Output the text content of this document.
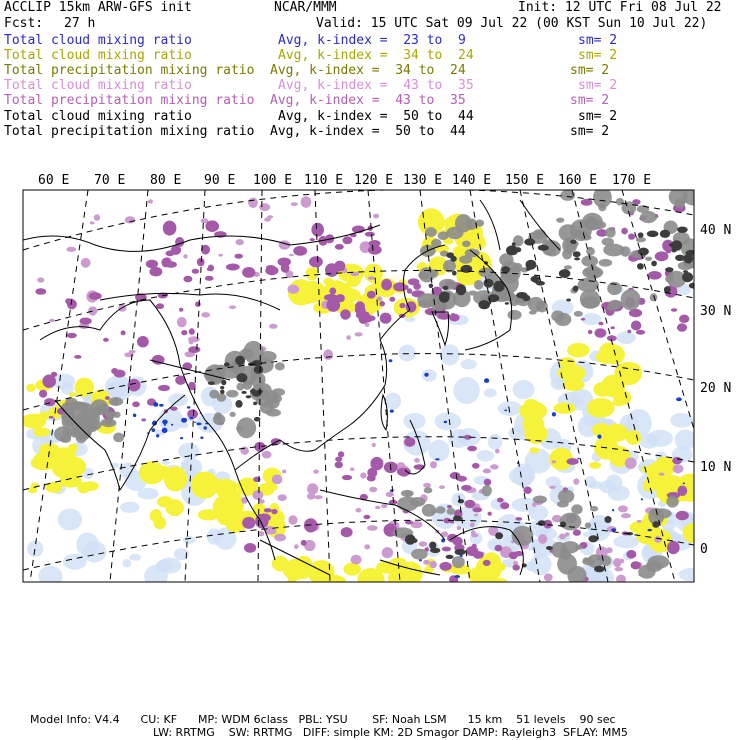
ACCLIP 15km ARW-GFS init	NCAR/MMM	Init: 12 UTC Fri 08 Jul 22
Fcst: 27 h	Valid: 15 UTC Sat 09 Jul 22 (00 KST Sun 10 Jul 22)
Total cloud mixing ratio	Avg, k-index =  23 to  9	sm= 2
Total cloud mixing ratio	Avg, k-index =  34 to  24	sm= 2
Total precipitation mixing ratio Avg, k-index =  34 to  24	sm= 2
Total cloud mixing ratio	Avg, k-index =  43 to  35	sm= 2
Total precipitation mixing ratio Avg, k-index =  43 to  35	sm= 2
Total cloud mixing ratio	Avg, k-index =  50 to  44	sm= 2
Total precipitation mixing ratio Avg, k-index =  50 to  44	sm= 2
60 E 70 E 80 E 90 E 100 E 110 E 120 E 130 E 140 E 150 E 160 E 170 E
40 N
30 N
20 N
10 N
0
Model Info: V4.4      CU: KF      MP: WDM 6class   PBL: YSU       SF: Noah LSM      15 km    51 levels    90 sec
LW: RRTMG    SW: RRTMG   DIFF: simple KM: 2D Smagor DAMP: Rayleigh3  SFLAY: MM5
